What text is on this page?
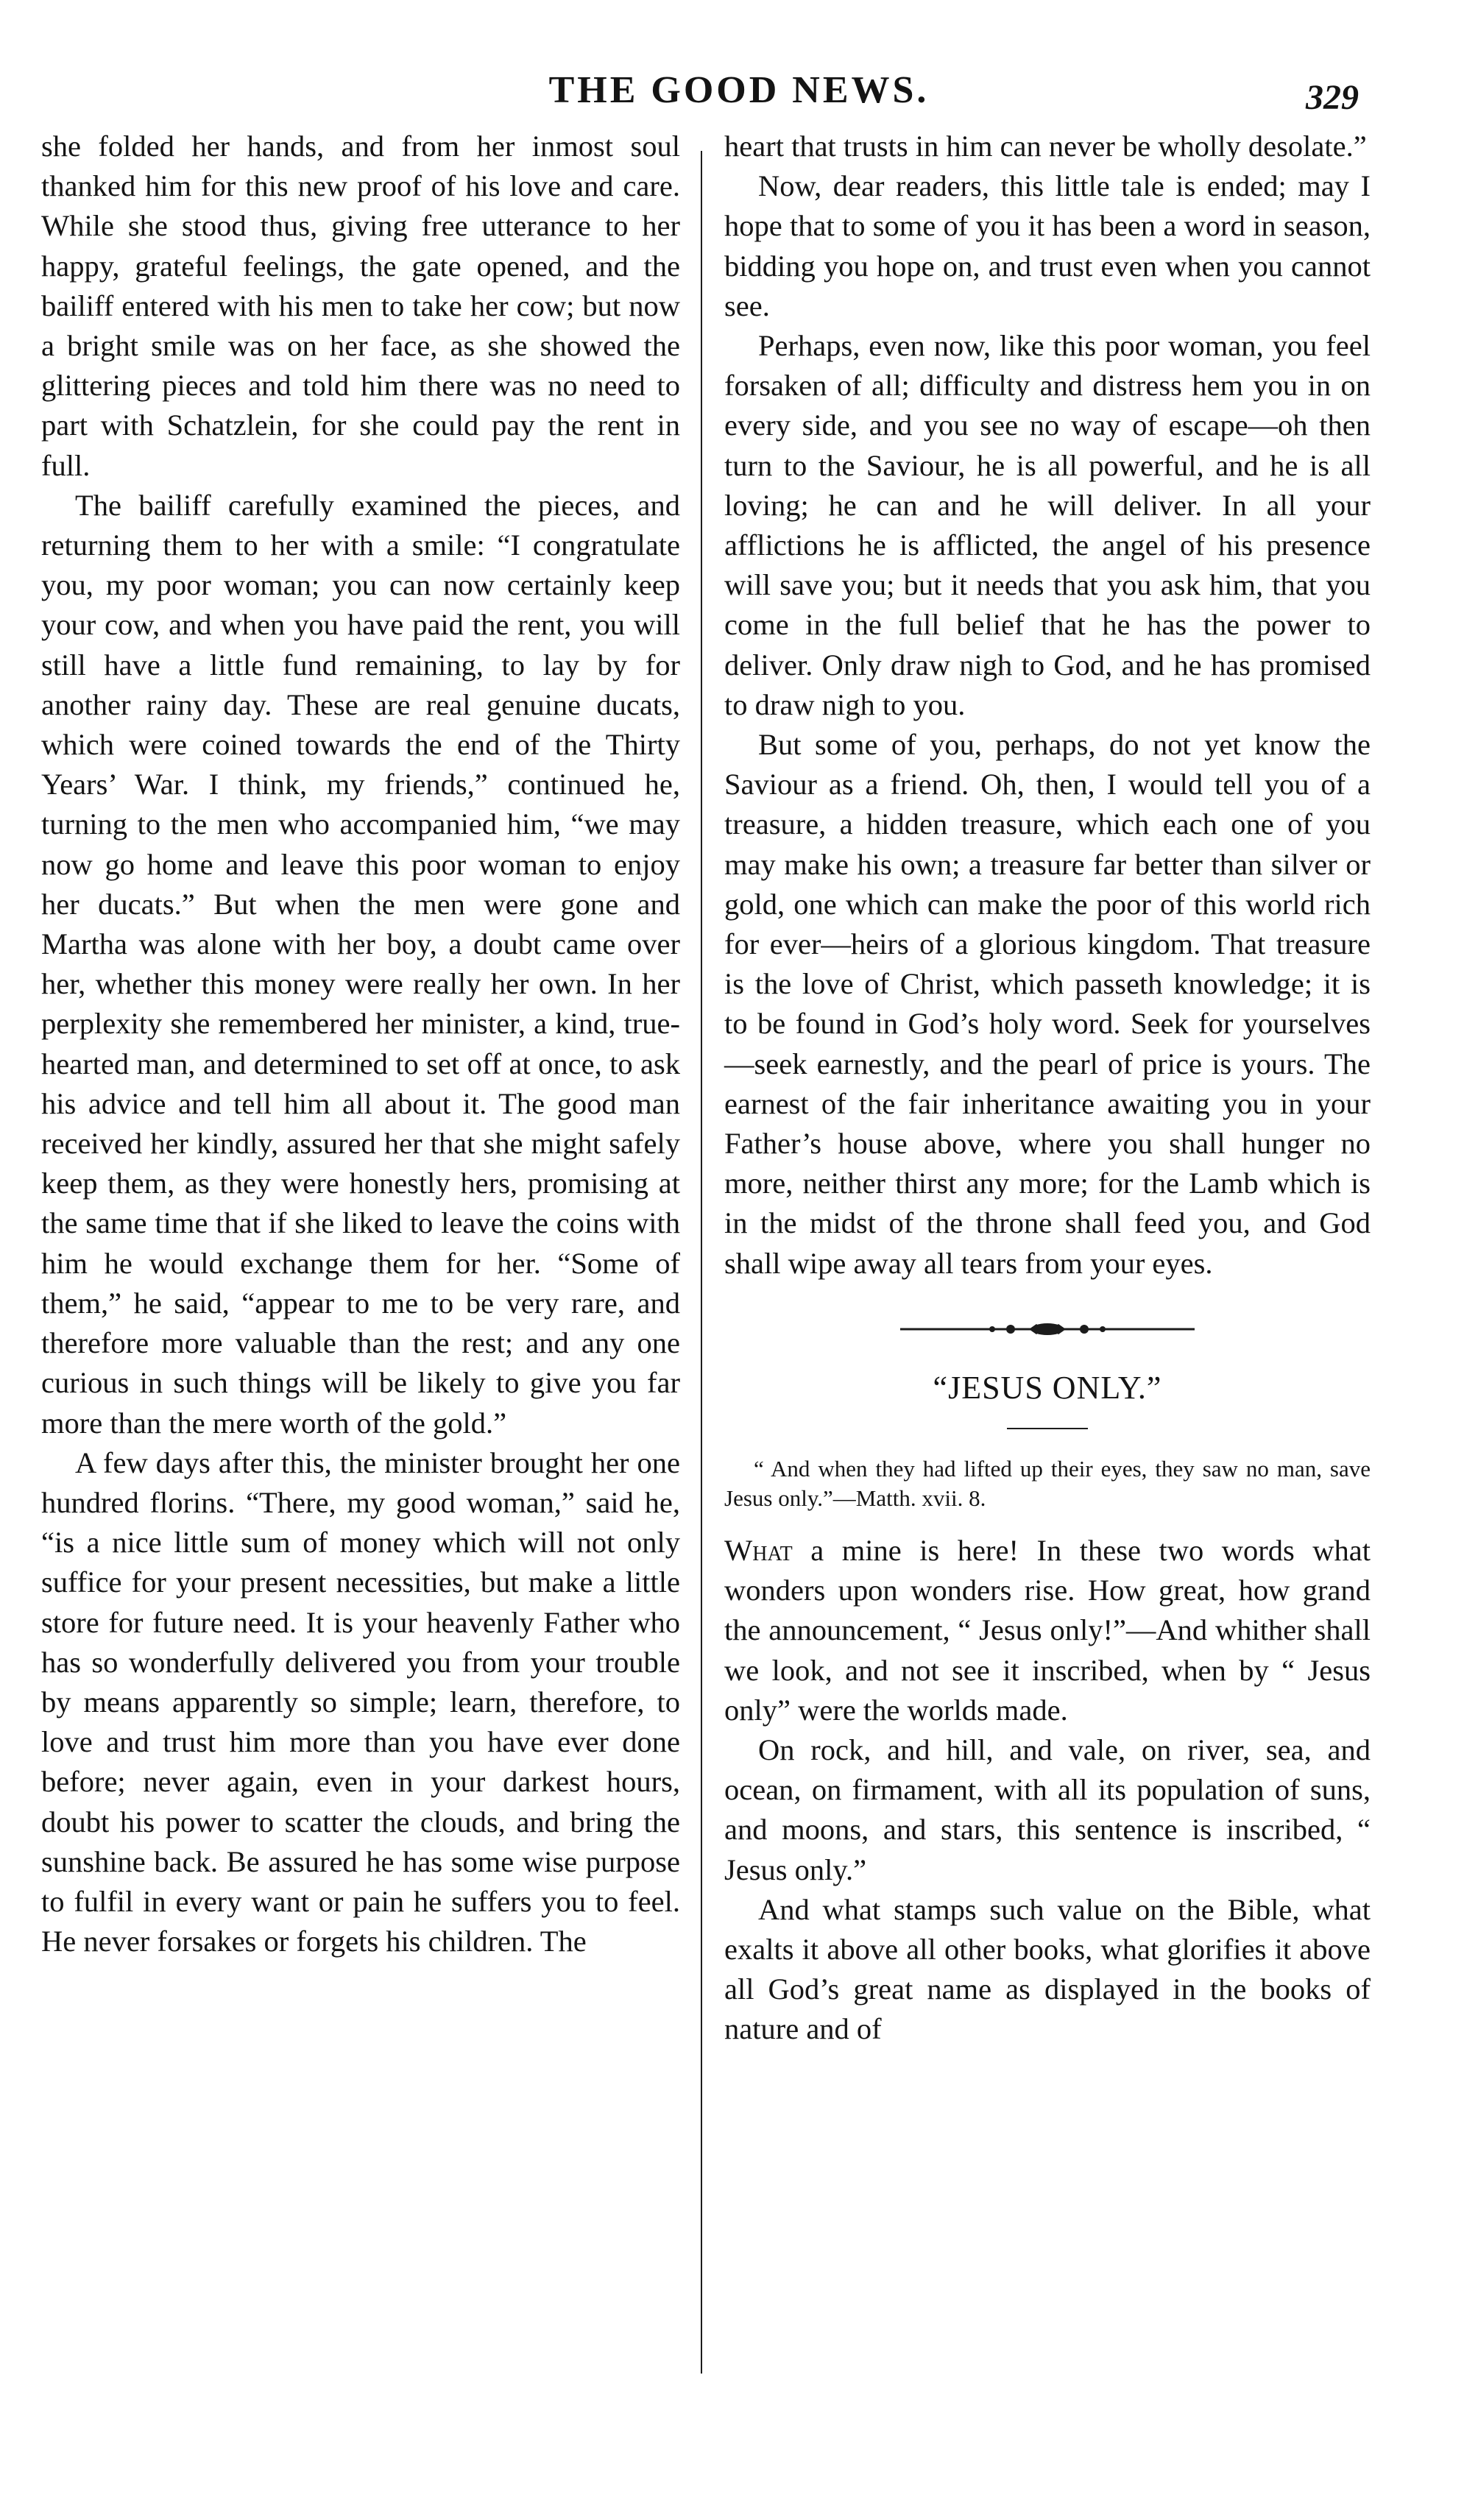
THE GOOD NEWS.	329

she folded her hands, and from her inmost soul thanked him for this new proof of his love and care. While she stood thus, giving free utterance to her happy, grateful feelings, the gate opened, and the bailiff entered with his men to take her cow; but now a bright smile was on her face, as she showed the glittering pieces and told him there was no need to part with Schatzlein, for she could pay the rent in full.

The bailiff carefully examined the pieces, and returning them to her with a smile: “I congratulate you, my poor woman; you can now certainly keep your cow, and when you have paid the rent, you will still have a little fund remaining, to lay by for another rainy day. These are real genuine ducats, which were coined towards the end of the Thirty Years’ War. I think, my friends,” continued he, turning to the men who accompanied him, “we may now go home and leave this poor woman to enjoy her ducats.” But when the men were gone and Martha was alone with her boy, a doubt came over her, whether this money were really her own. In her perplexity she remembered her minister, a kind, true-hearted man, and determined to set off at once, to ask his advice and tell him all about it. The good man received her kindly, assured her that she might safely keep them, as they were honestly hers, promising at the same time that if she liked to leave the coins with him he would exchange them for her. “Some of them,” he said, “appear to me to be very rare, and therefore more valuable than the rest; and any one curious in such things will be likely to give you far more than the mere worth of the gold.”

A few days after this, the minister brought her one hundred florins. “There, my good woman,” said he, “is a nice little sum of money which will not only suffice for your present necessities, but make a little store for future need. It is your heavenly Father who has so wonderfully delivered you from your trouble by means apparently so simple; learn, therefore, to love and trust him more than you have ever done before; never again, even in your darkest hours, doubt his power to scatter the clouds, and bring the sunshine back. Be assured he has some wise purpose to fulfil in every want or pain he suffers you to feel. He never forsakes or forgets his children. The

heart that trusts in him can never be wholly desolate.”

Now, dear readers, this little tale is ended; may I hope that to some of you it has been a word in season, bidding you hope on, and trust even when you cannot see.

Perhaps, even now, like this poor woman, you feel forsaken of all; difficulty and distress hem you in on every side, and you see no way of escape—oh then turn to the Saviour, he is all powerful, and he is all loving; he can and he will deliver. In all your afflictions he is afflicted, the angel of his presence will save you; but it needs that you ask him, that you come in the full belief that he has the power to deliver. Only draw nigh to God, and he has promised to draw nigh to you.

But some of you, perhaps, do not yet know the Saviour as a friend. Oh, then, I would tell you of a treasure, a hidden treasure, which each one of you may make his own; a treasure far better than silver or gold, one which can make the poor of this world rich for ever—heirs of a glorious kingdom. That treasure is the love of Christ, which passeth knowledge; it is to be found in God’s holy word. Seek for yourselves—seek earnestly, and the pearl of price is yours. The earnest of the fair inheritance awaiting you in your Father’s house above, where you shall hunger no more, neither thirst any more; for the Lamb which is in the midst of the throne shall feed you, and God shall wipe away all tears from your eyes.

“JESUS ONLY.”
“ And when they had lifted up their eyes, they saw no man, save Jesus only.”—Matth. xvii. 8.

What a mine is here! In these two words what wonders upon wonders rise. How great, how grand the announcement, “ Jesus only!”—And whither shall we look, and not see it inscribed, when by “ Jesus only” were the worlds made.

On rock, and hill, and vale, on river, sea, and ocean, on firmament, with all its population of suns, and moons, and stars, this sentence is inscribed, “ Jesus only.”

And what stamps such value on the Bible, what exalts it above all other books, what glorifies it above all God’s great name as displayed in the books of nature and of
